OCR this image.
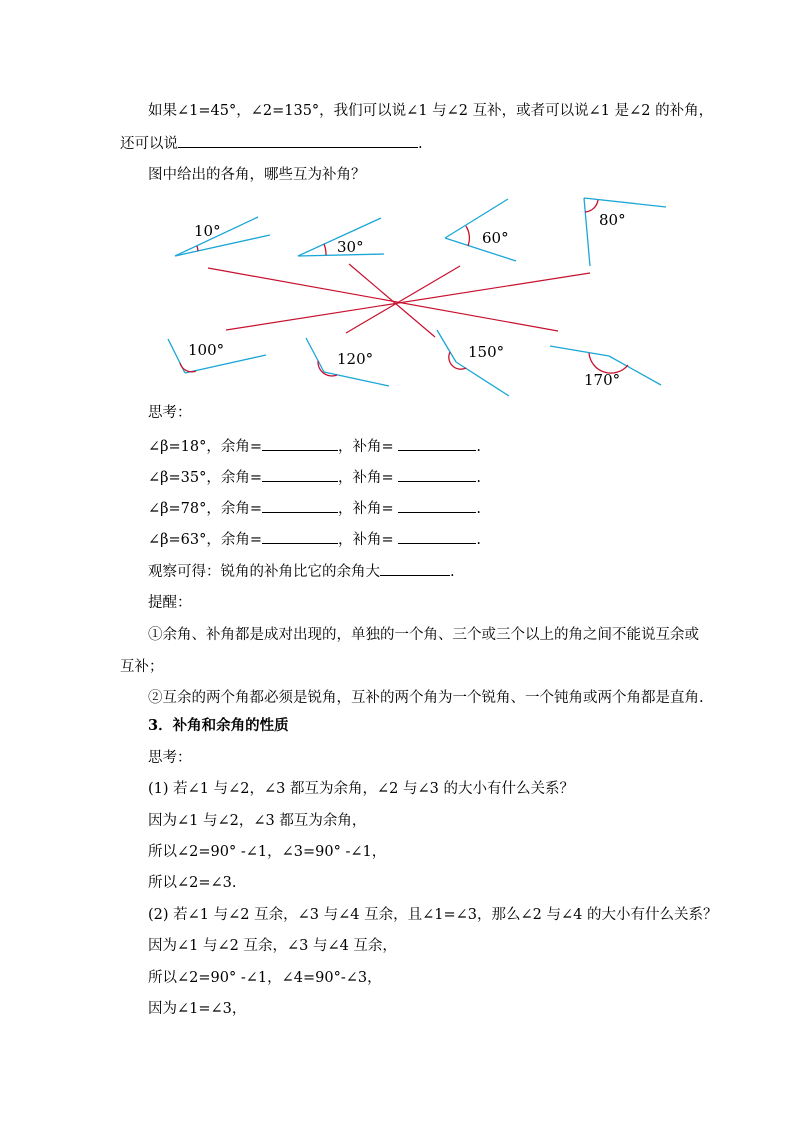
如果∠1=45°，∠2=135°，我们可以说∠1 与∠2 互补，或者可以说∠1 是∠2 的补角，
还可以说	.
图中给出的各角，哪些互为补角？
10°
30°	60°
80°
100°	120°	150°
170°
思考：
∠β=18°，余角=	，补角=	.
∠β=35°，余角=	，补角=	.
∠β=78°，余角=	，补角=	.
∠β=63°，余角=	，补角=	.
观察可得：锐角的补角比它的余角大	.
提醒：
①余角、补角都是成对出现的，单独的一个角、三个或三个以上的角之间不能说互余或
互补；
②互余的两个角都必须是锐角，互补的两个角为一个锐角、一个钝角或两个角都是直角.
3．补角和余角的性质
思考：
(1) 若∠1 与∠2，∠3 都互为余角，∠2 与∠3 的大小有什么关系？
因为∠1 与∠2，∠3 都互为余角，
所以∠2=90° -∠1，∠3=90° -∠1，
所以∠2=∠3.
(2) 若∠1 与∠2 互余，∠3 与∠4 互余，且∠1=∠3，那么∠2 与∠4 的大小有什么关系？
因为∠1 与∠2 互余，∠3 与∠4 互余，
所以∠2=90° -∠1，∠4=90°-∠3，
因为∠1=∠3，
